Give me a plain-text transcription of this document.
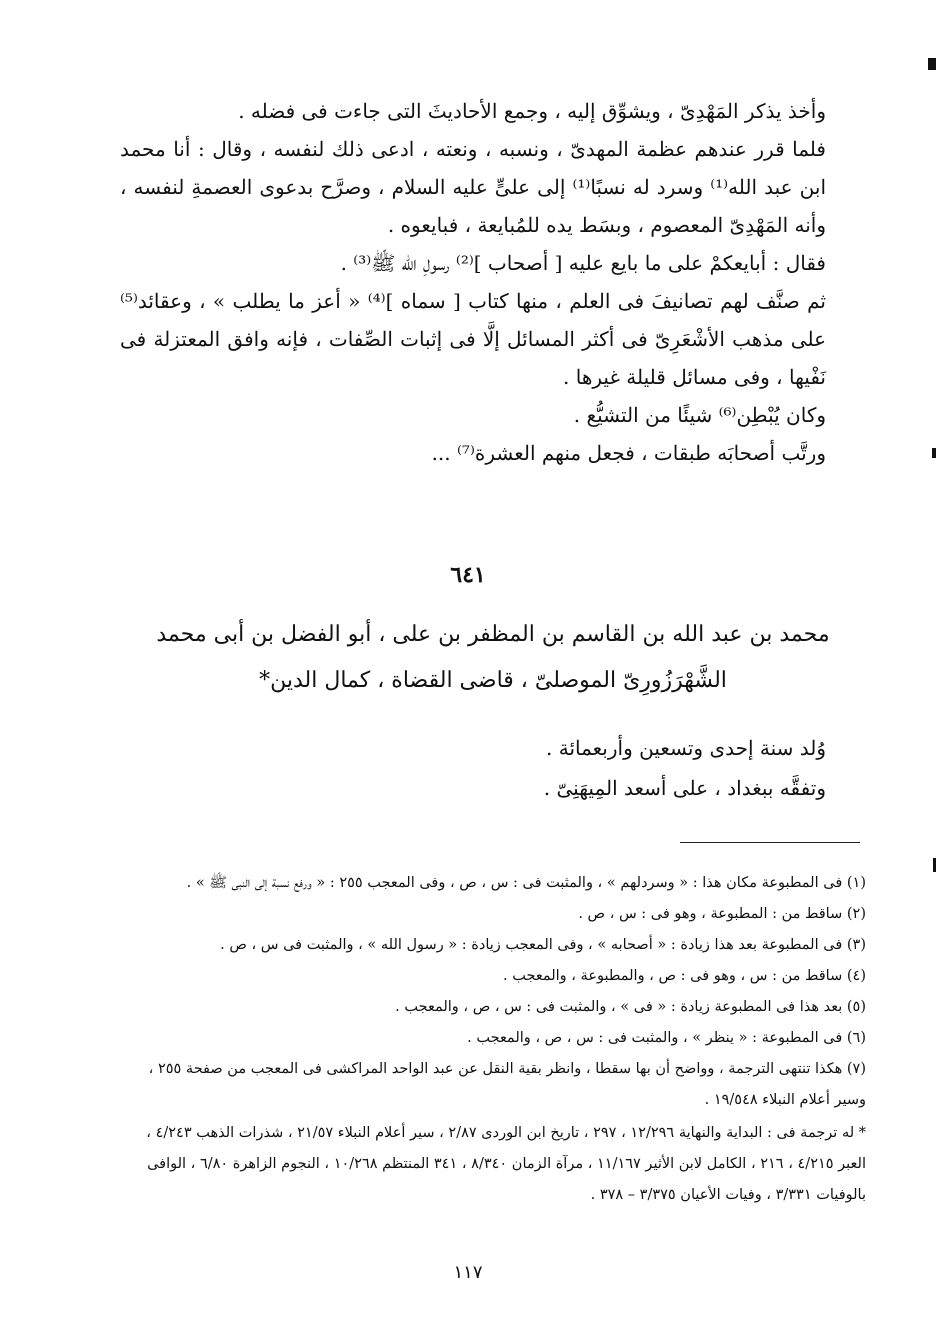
وأخذ يذكر المَهْدِىّ ، ويشوِّق إليه ، وجمع الأحاديثَ التى جاءت فى فضله .

فلما قرر عندهم عظمة المهدىّ ، ونسبه ، ونعته ، ادعى ذلك لنفسه ، وقال : أنا محمد ابن عبد الله⁽¹⁾ وسرد له نسبًا⁽¹⁾ إلى علىٍّ عليه السلام ، وصرَّح بدعوى العصمةِ لنفسه ، وأنه المَهْدِىّ المعصوم ، وبسَط يده للمُبايعة ، فبايعوه .

فقال : أبايعكمْ على ما بايع عليه [ أصحاب ]⁽²⁾ رسولِ الله ﷺ⁽³⁾ .

ثم صنَّف لهم تصانيفَ فى العلم ، منها كتاب [ سماه ]⁽⁴⁾ « أعز ما يطلب » ، وعقائد⁽⁵⁾ على مذهب الأشْعَرِىّ فى أكثر المسائل إلَّا فى إثبات الصِّفات ، فإنه وافق المعتزلة فى نَفْيها ، وفى مسائل قليلة غيرها .

وكان يُبْطِن⁽⁶⁾ شيئًا من التشيُّع .

ورتَّب أصحابَه طبقات ، فجعل منهم العشرة⁽⁷⁾ ...

٦٤١
محمد بن عبد الله بن القاسم بن المظفر بن على ، أبو الفضل بن أبى محمد
الشَّهْرَزُورِىّ الموصلىّ ، قاضى القضاة ، كمال الدين*

وُلد سنة إحدى وتسعين وأربعمائة .

وتفقَّه ببغداد ، على أسعد المِيهَنِىّ .

(١) فى المطبوعة مكان هذا : « وسردلهم » ، والمثبت فى : س ، ص ، وفى المعجب ٢٥٥ : « ورفع نسبة إلى النبى ﷺ » .

(٢) ساقط من : المطبوعة ، وهو فى : س ، ص .

(٣) فى المطبوعة بعد هذا زيادة : « أصحابه » ، وفى المعجب زيادة : « رسول الله » ، والمثبت فى س ، ص .

(٤) ساقط من : س ، وهو فى : ص ، والمطبوعة ، والمعجب .

(٥) بعد هذا فى المطبوعة زيادة : « فى » ، والمثبت فى : س ، ص ، والمعجب .

(٦) فى المطبوعة : « ينظر » ، والمثبت فى : س ، ص ، والمعجب .

(٧) هكذا تنتهى الترجمة ، وواضح أن بها سقطا ، وانظر بقية النقل عن عبد الواحد المراكشى فى المعجب من صفحة ٢٥٥ ، وسير أعلام النبلاء ١٩/٥٤٨ .

* له ترجمة فى : البداية والنهاية ١٢/٢٩٦ ، ٢٩٧ ، تاريخ ابن الوردى ٢/٨٧ ، سير أعلام النبلاء ٢١/٥٧ ، شذرات الذهب ٤/٢٤٣ ، العبر ٤/٢١٥ ، ٢١٦ ، الكامل لابن الأثير ١١/١٦٧ ، مرآة الزمان ٨/٣٤٠ ، ٣٤١ المنتظم ١٠/٢٦٨ ، النجوم الزاهرة ٦/٨٠ ، الوافى بالوفيات ٣/٣٣١ ، وفيات الأعيان ٣/٣٧٥ – ٣٧٨ .

١١٧
